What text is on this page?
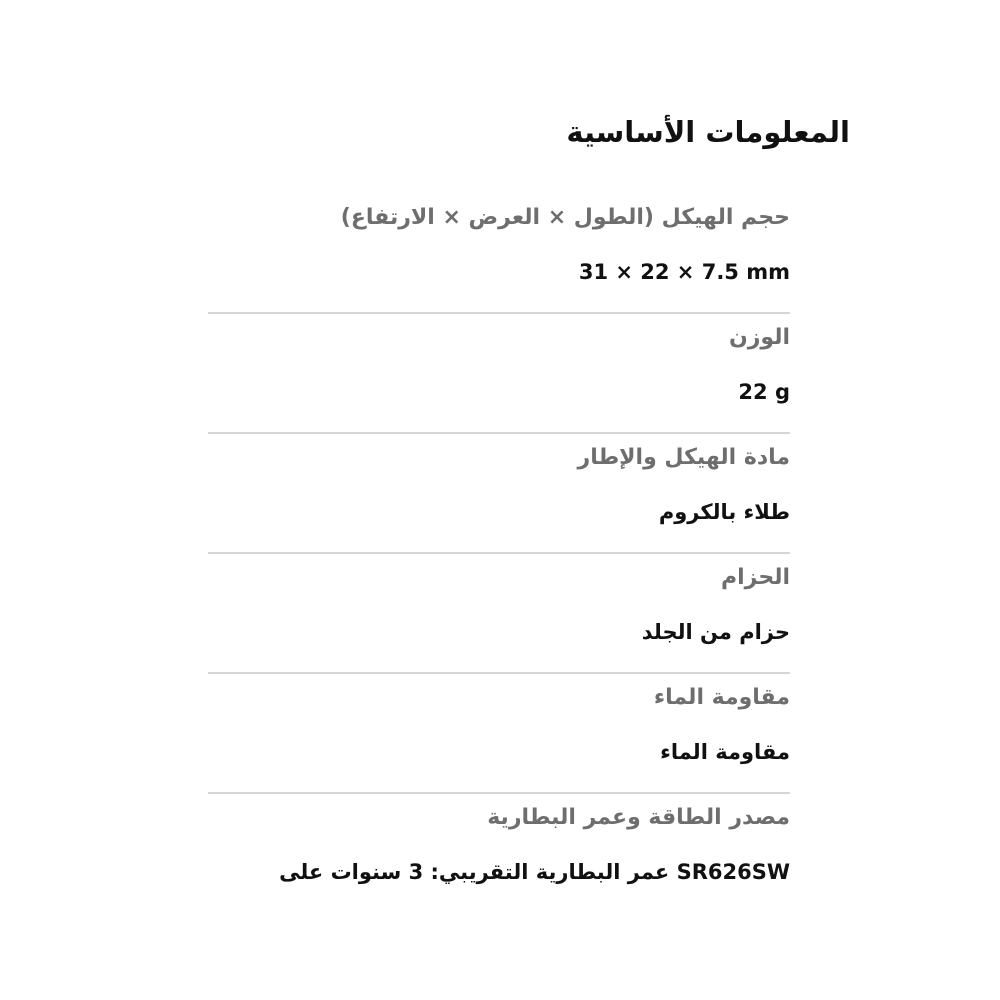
المعلومات الأساسية
حجم الهيكل (الطول × العرض × الارتفاع)
31 × 22 × 7.5 mm
الوزن
22 g
مادة الهيكل والإطار
طلاء بالكروم
الحزام
حزام من الجلد
مقاومة الماء
مقاومة الماء
مصدر الطاقة وعمر البطارية
SR626SW عمر البطارية التقريبي: 3 سنوات على
